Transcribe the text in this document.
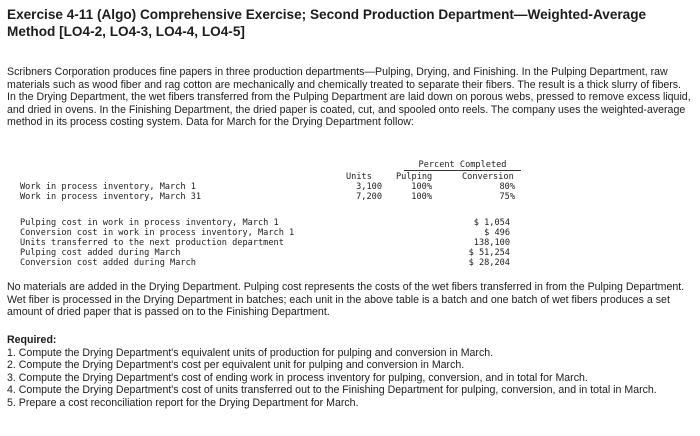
Exercise 4-11 (Algo) Comprehensive Exercise; Second Production Department—Weighted-Average Method [LO4-2, LO4-3, LO4-4, LO4-5]
Scribners Corporation produces fine papers in three production departments—Pulping, Drying, and Finishing. In the Pulping Department, raw materials such as wood fiber and rag cotton are mechanically and chemically treated to separate their fibers. The result is a thick slurry of fibers. In the Drying Department, the wet fibers transferred from the Pulping Department are laid down on porous webs, pressed to remove excess liquid, and dried in ovens. In the Finishing Department, the dried paper is coated, cut, and spooled onto reels. The company uses the weighted-average method in its process costing system. Data for March for the Drying Department follow:
Percent Completed
Units	Pulping	Conversion
Work in process inventory, March 1	3,100	100%	80%
Work in process inventory, March 31	7,200	100%	75%
Pulping cost in work in process inventory, March 1	$ 1,054
Conversion cost in work in process inventory, March 1	$ 496
Units transferred to the next production department	138,100
Pulping cost added during March	$ 51,254
Conversion cost added during March	$ 28,204
No materials are added in the Drying Department. Pulping cost represents the costs of the wet fibers transferred in from the Pulping Department. Wet fiber is processed in the Drying Department in batches; each unit in the above table is a batch and one batch of wet fibers produces a set amount of dried paper that is passed on to the Finishing Department.
Required:
1. Compute the Drying Department's equivalent units of production for pulping and conversion in March.
2. Compute the Drying Department's cost per equivalent unit for pulping and conversion in March.
3. Compute the Drying Department's cost of ending work in process inventory for pulping, conversion, and in total for March.
4. Compute the Drying Department's cost of units transferred out to the Finishing Department for pulping, conversion, and in total in March.
5. Prepare a cost reconciliation report for the Drying Department for March.
